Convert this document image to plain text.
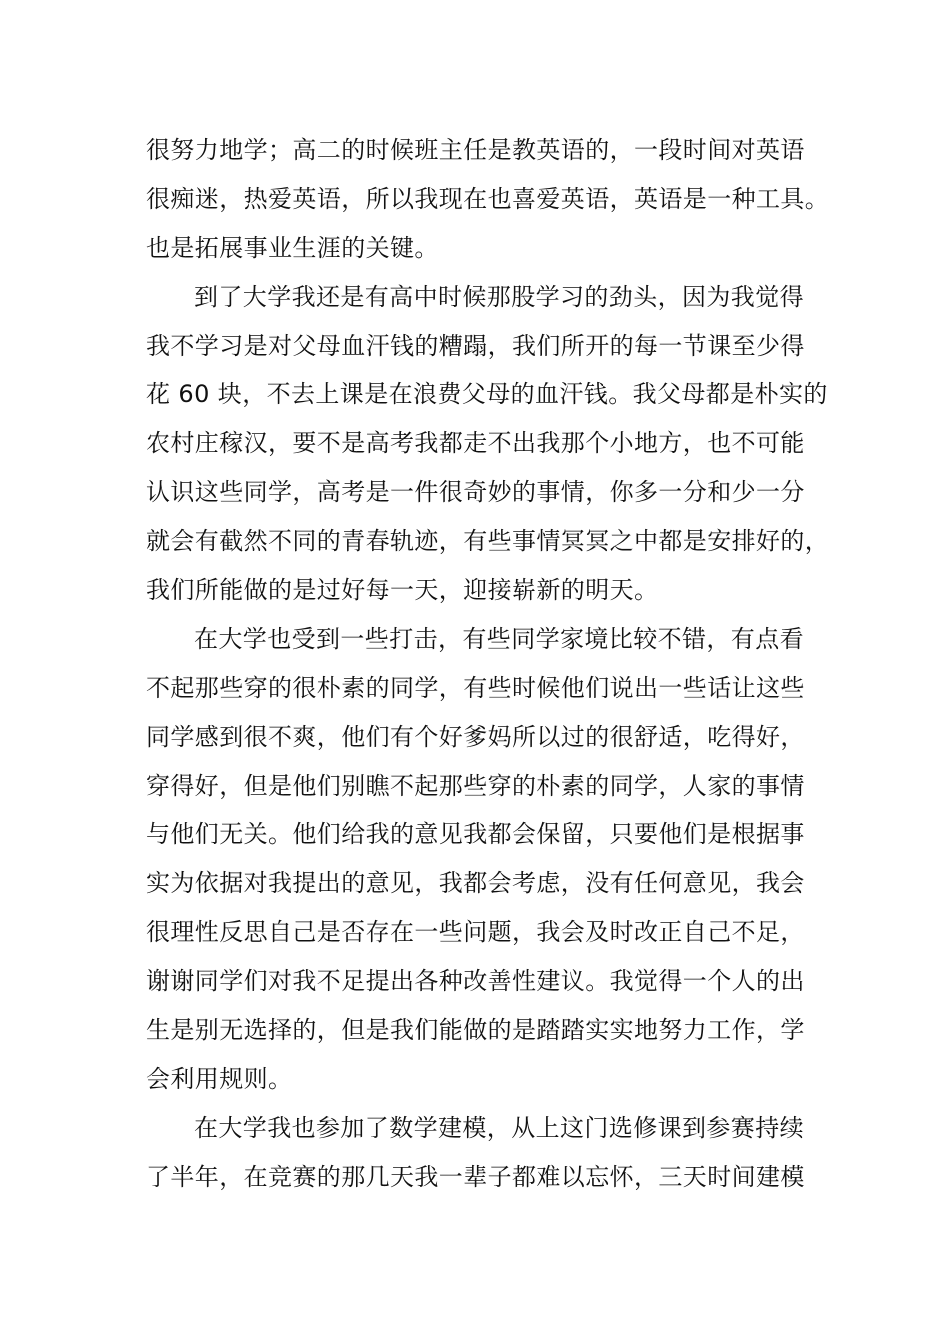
很努力地学；高二的时候班主任是教英语的，一段时间对英语
很痴迷，热爱英语，所以我现在也喜爱英语，英语是一种工具。
也是拓展事业生涯的关键。
到了大学我还是有高中时候那股学习的劲头，因为我觉得
我不学习是对父母血汗钱的糟蹋，我们所开的每一节课至少得
花 60 块，不去上课是在浪费父母的血汗钱。我父母都是朴实的
农村庄稼汉，要不是高考我都走不出我那个小地方，也不可能
认识这些同学，高考是一件很奇妙的事情，你多一分和少一分
就会有截然不同的青春轨迹，有些事情冥冥之中都是安排好的，
我们所能做的是过好每一天，迎接崭新的明天。
在大学也受到一些打击，有些同学家境比较不错，有点看
不起那些穿的很朴素的同学，有些时候他们说出一些话让这些
同学感到很不爽，他们有个好爹妈所以过的很舒适，吃得好，
穿得好，但是他们别瞧不起那些穿的朴素的同学，人家的事情
与他们无关。他们给我的意见我都会保留，只要他们是根据事
实为依据对我提出的意见，我都会考虑，没有任何意见，我会
很理性反思自己是否存在一些问题，我会及时改正自己不足，
谢谢同学们对我不足提出各种改善性建议。我觉得一个人的出
生是别无选择的，但是我们能做的是踏踏实实地努力工作，学
会利用规则。
在大学我也参加了数学建模，从上这门选修课到参赛持续
了半年，在竞赛的那几天我一辈子都难以忘怀，三天时间建模
